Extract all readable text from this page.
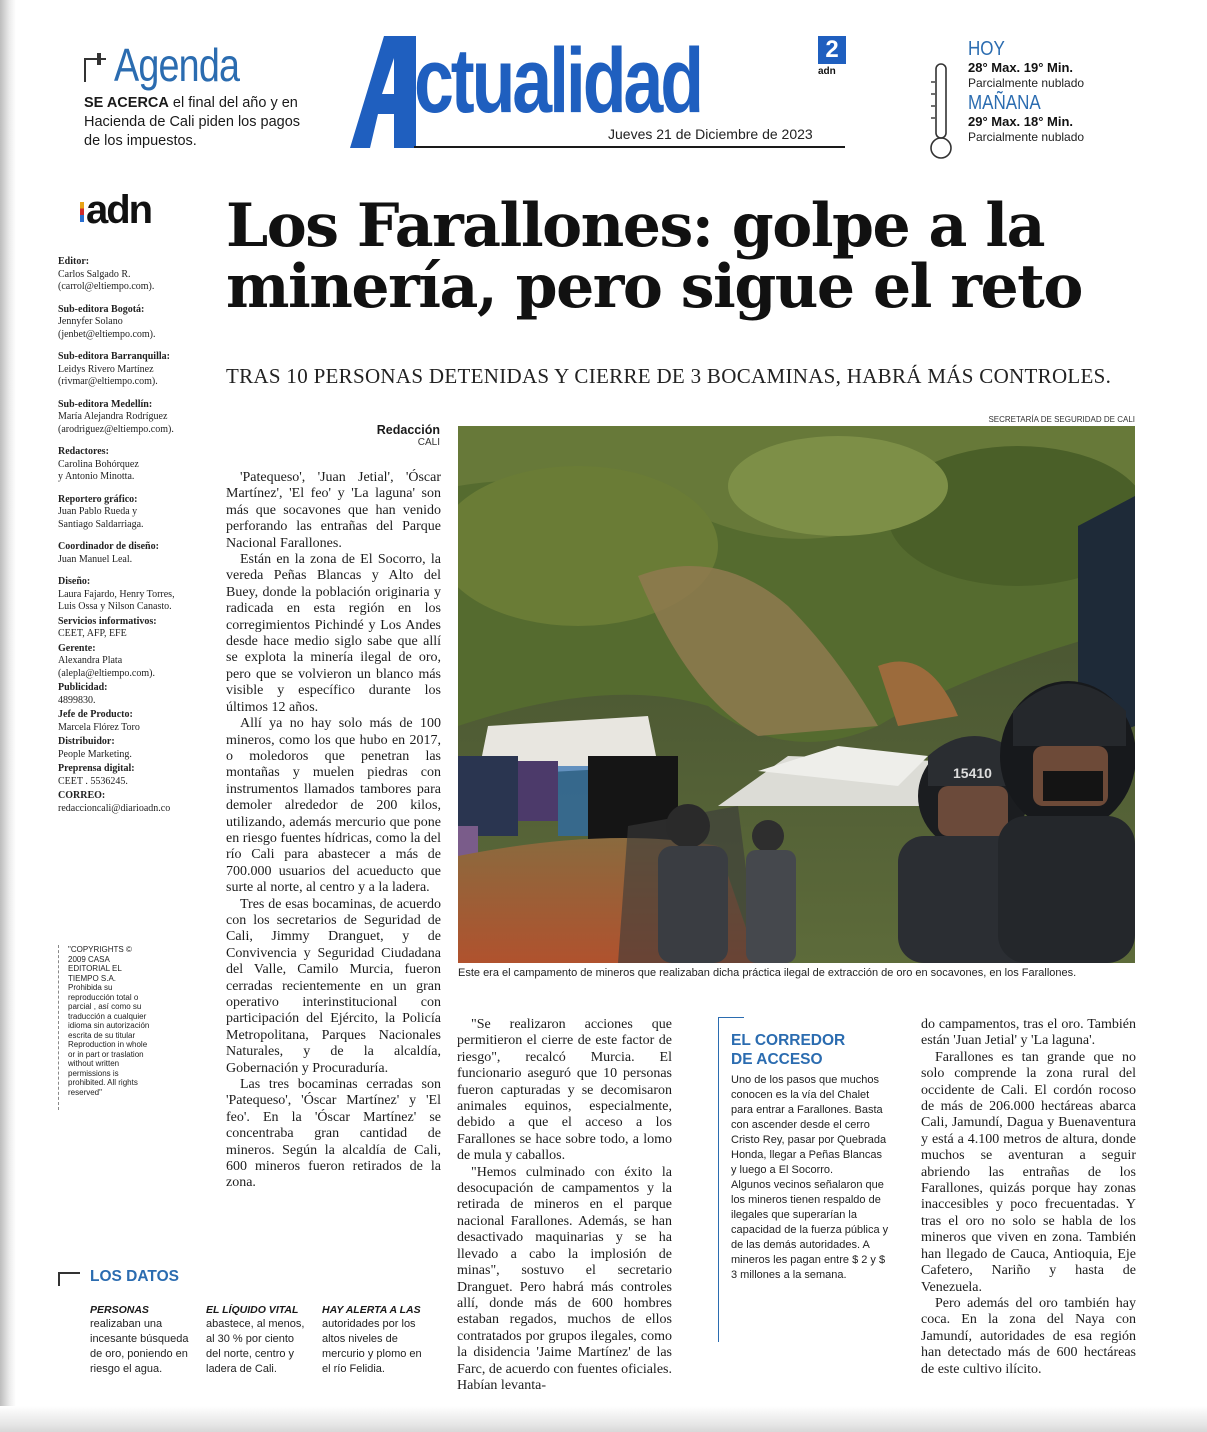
Agenda
SE ACERCA el final del año y en Hacienda de Cali piden los pagos de los impuestos.
ctualidad	2
adn
Jueves 21 de Diciembre de 2023
HOY
28° Max. 19° Min.
Parcialmente nublado
MAÑANA
29° Max. 18° Min.
Parcialmente nublado
adn
Editor:
Carlos Salgado R.
(carrol@eltiempo.com).
Sub-editora Bogotá:
Jennyfer Solano
(jenbet@eltiempo.com).
Sub-editora Barranquilla:
Leidys Rivero Martínez
(rivmar@eltiempo.com).
Sub-editora Medellín:
María Alejandra Rodríguez
(arodriguez@eltiempo.com).
Redactores:
Carolina Bohórquez
y Antonio Minotta.
Reportero gráfico:
Juan Pablo Rueda y
Santiago Saldarriaga.
Coordinador de diseño:
Juan Manuel Leal.
Diseño:
Laura Fajardo, Henry Torres,
Luis Ossa y Nilson Canasto.
Servicios informativos:
CEET, AFP, EFE
Gerente:
Alexandra Plata
(alepla@eltiempo.com).
Publicidad:
4899830.
Jefe de Producto:
Marcela Flórez Toro
Distribuidor:
People Marketing.
Preprensa digital:
CEET . 5536245.
CORREO:
redaccioncali@diarioadn.co
"COPYRIGHTS © 2009 CASA EDITORIAL EL TIEMPO S.A. Prohibida su reproducción total o parcial , así como su traducción a cualquier idioma sin autorización escrita de su titular Reproduction in whole or in part or traslation without written permissions is prohibited. All rights reserved"
Los Farallones: golpe a la minería, pero sigue el reto
TRAS 10 PERSONAS DETENIDAS Y CIERRE DE 3 BOCAMINAS, HABRÁ MÁS CONTROLES.
Redacción
CALI
SECRETARÍA DE SEGURIDAD DE CALI
15410
Este era el campamento de mineros que realizaban dicha práctica ilegal de extracción de oro en socavones, en los Farallones.

'Patequeso', 'Juan Jetial', 'Óscar Martínez', 'El feo' y 'La laguna' son más que socavones que han venido perforando las entrañas del Parque Nacional Farallones.

Están en la zona de El Socorro, la vereda Peñas Blancas y Alto del Buey, donde la población originaria y radicada en esta región en los corregimientos Pichindé y Los Andes desde hace medio siglo sabe que allí se explota la minería ilegal de oro, pero que se volvieron un blanco más visible y específico durante los últimos 12 años.

Allí ya no hay solo más de 100 mineros, como los que hubo en 2017, o moledoros que penetran las montañas y muelen piedras con instrumentos llamados tambores para demoler alrededor de 200 kilos, utilizando, además mercurio que pone en riesgo fuentes hídricas, como la del río Cali para abastecer a más de 700.000 usuarios del acueducto que surte al norte, al centro y a la ladera.

Tres de esas bocaminas, de acuerdo con los secretarios de Seguridad de Cali, Jimmy Dranguet, y de Convivencia y Seguridad Ciudadana del Valle, Camilo Murcia, fueron cerradas recientemente en un gran operativo interinstitucional con participación del Ejército, la Policía Metropolitana, Parques Nacionales Naturales, y de la alcaldía, Gobernación y Procuraduría.

Las tres bocaminas cerradas son 'Patequeso', 'Óscar Martínez' y 'El feo'. En la 'Óscar Martínez' se concentraba gran cantidad de mineros. Según la alcaldía de Cali, 600 mineros fueron retirados de la zona.

"Se realizaron acciones que permitieron el cierre de este factor de riesgo", recalcó Murcia. El funcionario aseguró que 10 personas fueron capturadas y se decomisaron animales equinos, especialmente, debido a que el acceso a los Farallones se hace sobre todo, a lomo de mula y caballos.

"Hemos culminado con éxito la desocupación de campamentos y la retirada de mineros en el parque nacional Farallones. Además, se han desactivado maquinarias y se ha llevado a cabo la implosión de minas", sostuvo el secretario Dranguet. Pero habrá más controles allí, donde más de 600 hombres estaban regados, muchos de ellos contratados por grupos ilegales, como la disidencia 'Jaime Martínez' de las Farc, de acuerdo con fuentes oficiales. Habían levanta-

EL CORREDOR
DE ACCESO
Uno de los pasos que muchos conocen es la vía del Chalet para entrar a Farallones. Basta con ascender desde el cerro Cristo Rey, pasar por Quebrada Honda, llegar a Peñas Blancas y luego a El Socorro.
Algunos vecinos señalaron que los mineros tienen respaldo de ilegales que superarían la capacidad de la fuerza pública y de las demás autoridades. A mineros les pagan entre $ 2 y $ 3 millones a la semana.

do campamentos, tras el oro. También están 'Juan Jetial' y 'La laguna'.

Farallones es tan grande que no solo comprende la zona rural del occidente de Cali. El cordón rocoso de más de 206.000 hectáreas abarca Cali, Jamundí, Dagua y Buenaventura y está a 4.100 metros de altura, donde muchos se aventuran a seguir abriendo las entrañas de los Farallones, quizás porque hay zonas inaccesibles y poco frecuentadas. Y tras el oro no solo se habla de los mineros que viven en zona. También han llegado de Cauca, Antioquia, Eje Cafetero, Nariño y hasta de Venezuela.

Pero además del oro también hay coca. En la zona del Naya con Jamundí, autoridades de esa región han detectado más de 600 hectáreas de este cultivo ilícito.

LOS DATOS
PERSONAS
realizaban una incesante búsqueda de oro, poniendo en riesgo el agua.
EL LÍQUIDO VITAL
abastece, al menos, al 30 % por ciento del norte, centro y ladera de Cali.
HAY ALERTA A LAS
autoridades por los altos niveles de mercurio y plomo en el río Felidia.
